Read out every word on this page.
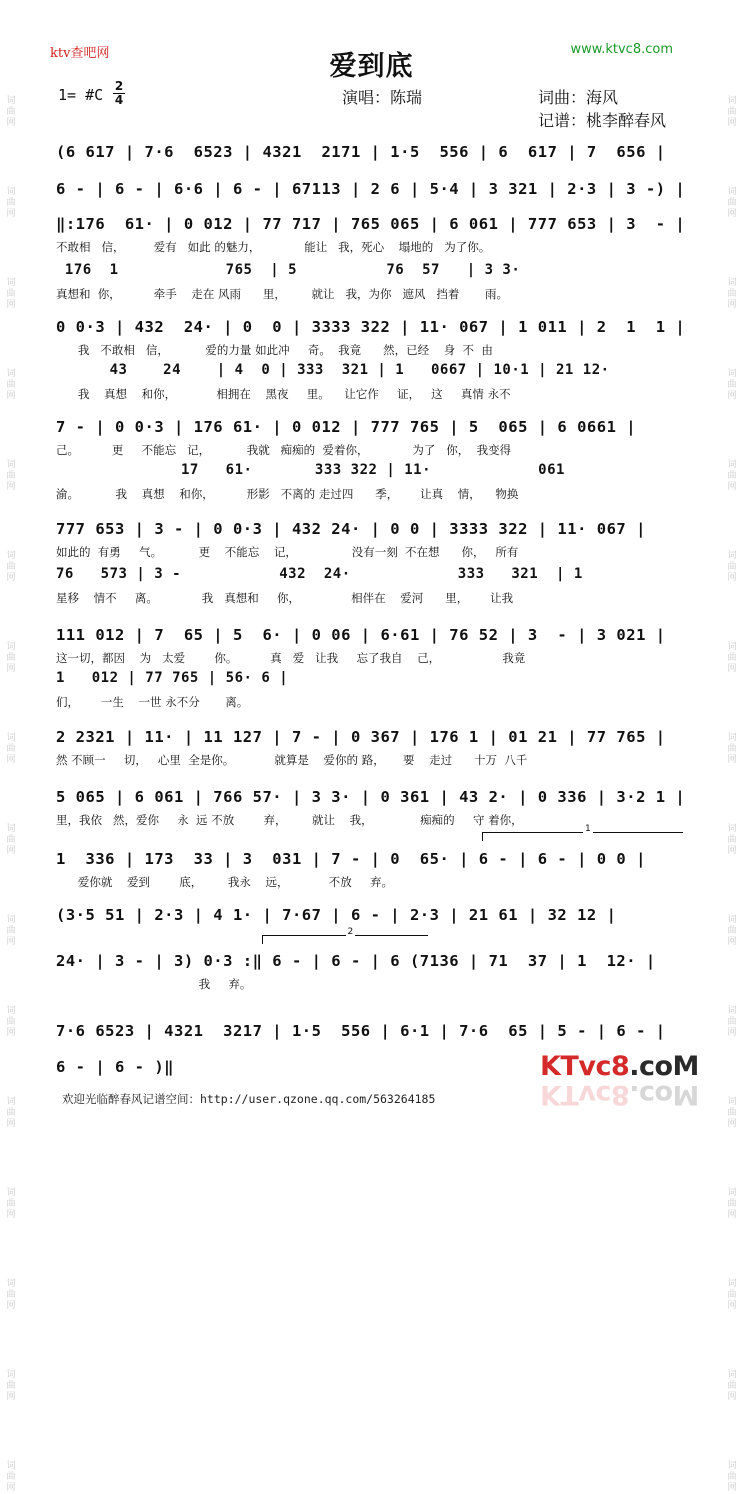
词
曲
网
词
曲
网
词
曲
网
词
曲
网
词
曲
网
词
曲
网
词
曲
网
词
曲
网
词
曲
网
词
曲
网
词
曲
网
词
曲
网
词
曲
网
词
曲
网
词
曲
网
词
曲
网
词
曲
网
词
曲
网
词
曲
网
词
曲
网
词
曲
网
词
曲
网
词
曲
网
词
曲
网
词
曲
网
词
曲
网
词
曲
网
词
曲
网
词
曲
网
词
曲
网
词
曲
网
词
曲
网
ktv查吧网	www.ktvc8.com
爱到底
1= #C 2
4	演唱：陈瑞	词曲：海风
记谱：桃李醉春风
(6 617 | 7·6  6523 | 4321  2171 | 1·5  556 | 6  617 | 7  656 |
6 - | 6 - | 6·6 | 6 - | 67113 | 2 6 | 5·4 | 3 321 | 2·3 | 3 -) |
‖:176  61· | 0 012 | 77 717 | 765 065 | 6 061 | 777 653 | 3  - |
不敢相   信，        爱有   如此 的魅力，            能让   我，死心    塌地的   为了你。
176  1            765  | 5          76  57   | 3 3·
真想和  你，         牵手    走在 风雨      里，       就让   我，为你   遮风   挡着       雨。
0 0·3 | 432  24· | 0  0 | 3333 322 | 11· 067 | 1 011 | 2  1  1 |
我   不敢相   信，          爱的力量 如此冲     奇。  我竟      然，已经    身  不  由
43    24    | 4  0 | 333  321 | 1   0667 | 10·1 | 21 12·
我    真想    和你，           相拥在    黑夜     里。    让它作     证，   这     真情 永不
7 - | 0 0·3 | 176 61· | 0 012 | 777 765 | 5  065 | 6 0661 |
己。         更     不能忘   记，          我就   痴痴的  爱着你，            为了   你，  我变得
17   61·       333 322 | 11·            061
渝。          我    真想    和你，         形影   不离的 走过四      季，      让真    情，    物换
777 653 | 3 - | 0 0·3 | 432 24· | 0 0 | 3333 322 | 11· 067 |
如此的  有勇     气。          更    不能忘    记，               没有一刻  不在想      你，   所有
76   573 | 3 -           432  24·            333   321  | 1
星移    情不     离。            我   真想和     你，              相伴在    爱河      里，      让我
111 012 | 7  65 | 5  6· | 0 06 | 6·61 | 76 52 | 3  - | 3 021 |
这一切，都因    为   太爱        你。         真   爱   让我     忘了我自    己，                 我竟
1   012 | 77 765 | 56· 6 |
们，      一生    一世 永不分       离。
2 2321 | 11· | 11 127 | 7 - | 0 367 | 176 1 | 01 21 | 77 765 |
然 不顾一     切，   心里  全是你。           就算是    爱你的 路，     要    走过      十万  八千
5 065 | 6 061 | 766 57· | 3 3· | 0 361 | 43 2· | 0 336 | 3·2 1 |
里，我依   然，爱你     永  远 不放        弃，       就让    我，             痴痴的     守 着你，
1  336 | 173  33 | 3  031 | 7 - | 0  65· | 6 - | 6 - | 0 0 |
爱你就    爱到        底，       我永    远，           不放     弃。
(3·5 51 | 2·3 | 4 1· | 7·67 | 6 - | 2·3 | 21 61 | 32 12 |
24· | 3 - | 3) 0·3 :‖ 6 - | 6 - | 6 (7136 | 71  37 | 1  12· |
我     弃。
7·6 6523 | 4321  3217 | 1·5  556 | 6·1 | 7·6  65 | 5 - | 6 - |
6 - | 6 - )‖
1
2
欢迎光临醉春风记谱空间：http://user.qzone.qq.com/563264185
KTvc8.coM
KTvc8.coM
